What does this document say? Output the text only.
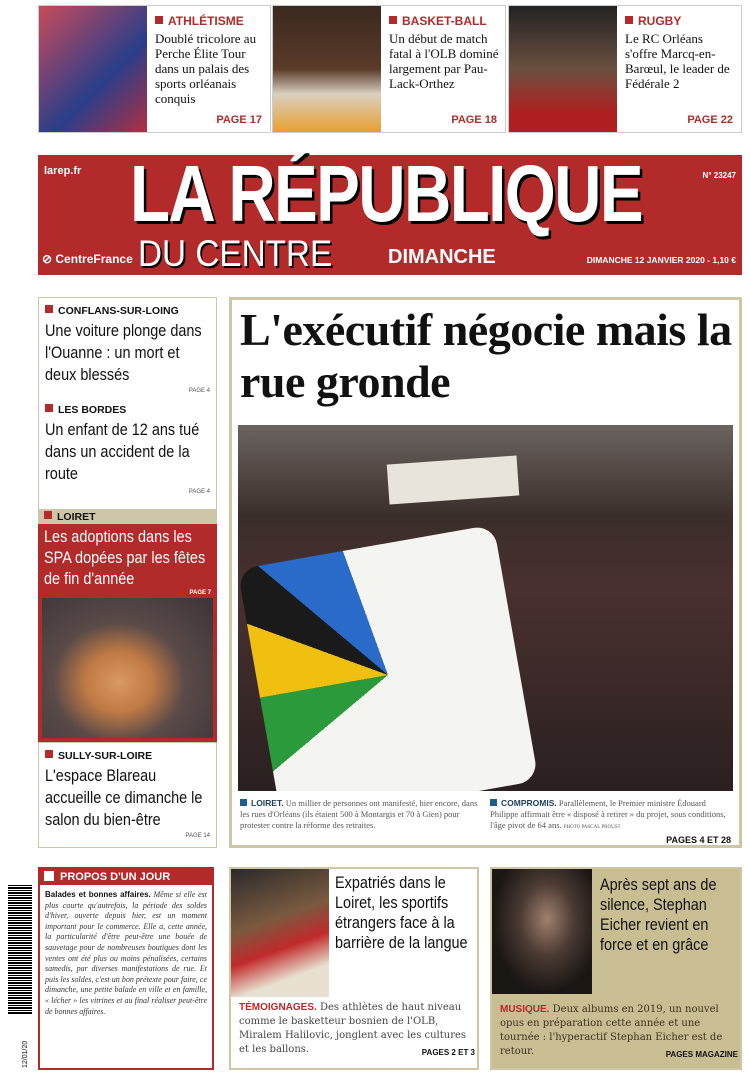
ATHLÉTISME
Doublé tricolore au Perche Élite Tour dans un palais des sports orléanais conquis
PAGE 17
BASKET-BALL
Un début de match fatal à l'OLB dominé largement par Pau-Lack-Orthez
PAGE 18
RUGBY
Le RC Orléans s'offre Marcq-en-Barœul, le leader de Fédérale 2
PAGE 22
larep.fr LA RÉPUBLIQUE
DU CENTRE	DIMANCHE
⊘ CentreFrance
N° 23247
DIMANCHE 12 JANVIER 2020 - 1,10 €
CONFLANS-SUR-LOING
Une voiture plonge dans l'Ouanne : un mort et deux blessés
PAGE 4
LES BORDES
Un enfant de 12 ans tué dans un accident de la route
PAGE 4
LOIRET
Les adoptions dans les SPA dopées par les fêtes de fin d'année
PAGE 7
SULLY-SUR-LOIRE
L'espace Blareau accueille ce dimanche le salon du bien-être
PAGE 14
L'exécutif négocie mais la rue gronde
LOIRET. Un millier de personnes ont manifesté, hier encore, dans les rues d'Orléans (ils étaient 500 à Montargis et 70 à Gien) pour protester contre la réforme des retraites.
COMPROMIS. Parallèlement, le Premier ministre Édouard Philippe affirmait être « disposé à retirer » du projet, sous conditions, l'âge pivot de 64 ans. PHOTO PASCAL PROUST
PAGES 4 ET 28
12/01/20
PROPOS D'UN JOUR
Balades et bonnes affaires. Même si elle est plus courte qu'autrefois, la période des soldes d'hiver, ouverte depuis hier, est un moment important pour le commerce. Elle a, cette année, la particularité d'être peut-être une bouée de sauvetage pour de nombreuses boutiques dont les ventes ont été plus ou moins pénalisées, certains samedis, par diverses manifestations de rue. Et puis les soldes, c'est un bon prétexte pour faire, ce dimanche, une petite balade en ville et en famille, « lécher » les vitrines et au final réaliser peut-être de bonnes affaires.
Expatriés dans le Loiret, les sportifs étrangers face à la barrière de la langue
TÉMOIGNAGES. Des athlètes de haut niveau comme le basketteur bosnien de l'OLB, Miralem Halilovic, jonglent avec les cultures et les ballons.	PAGES 2 ET 3
Après sept ans de silence, Stephan Eicher revient en force et en grâce
MUSIQUE. Deux albums en 2019, un nouvel opus en préparation cette année et une tournée : l'hyperactif Stephan Eicher est de retour.	PAGES MAGAZINE
